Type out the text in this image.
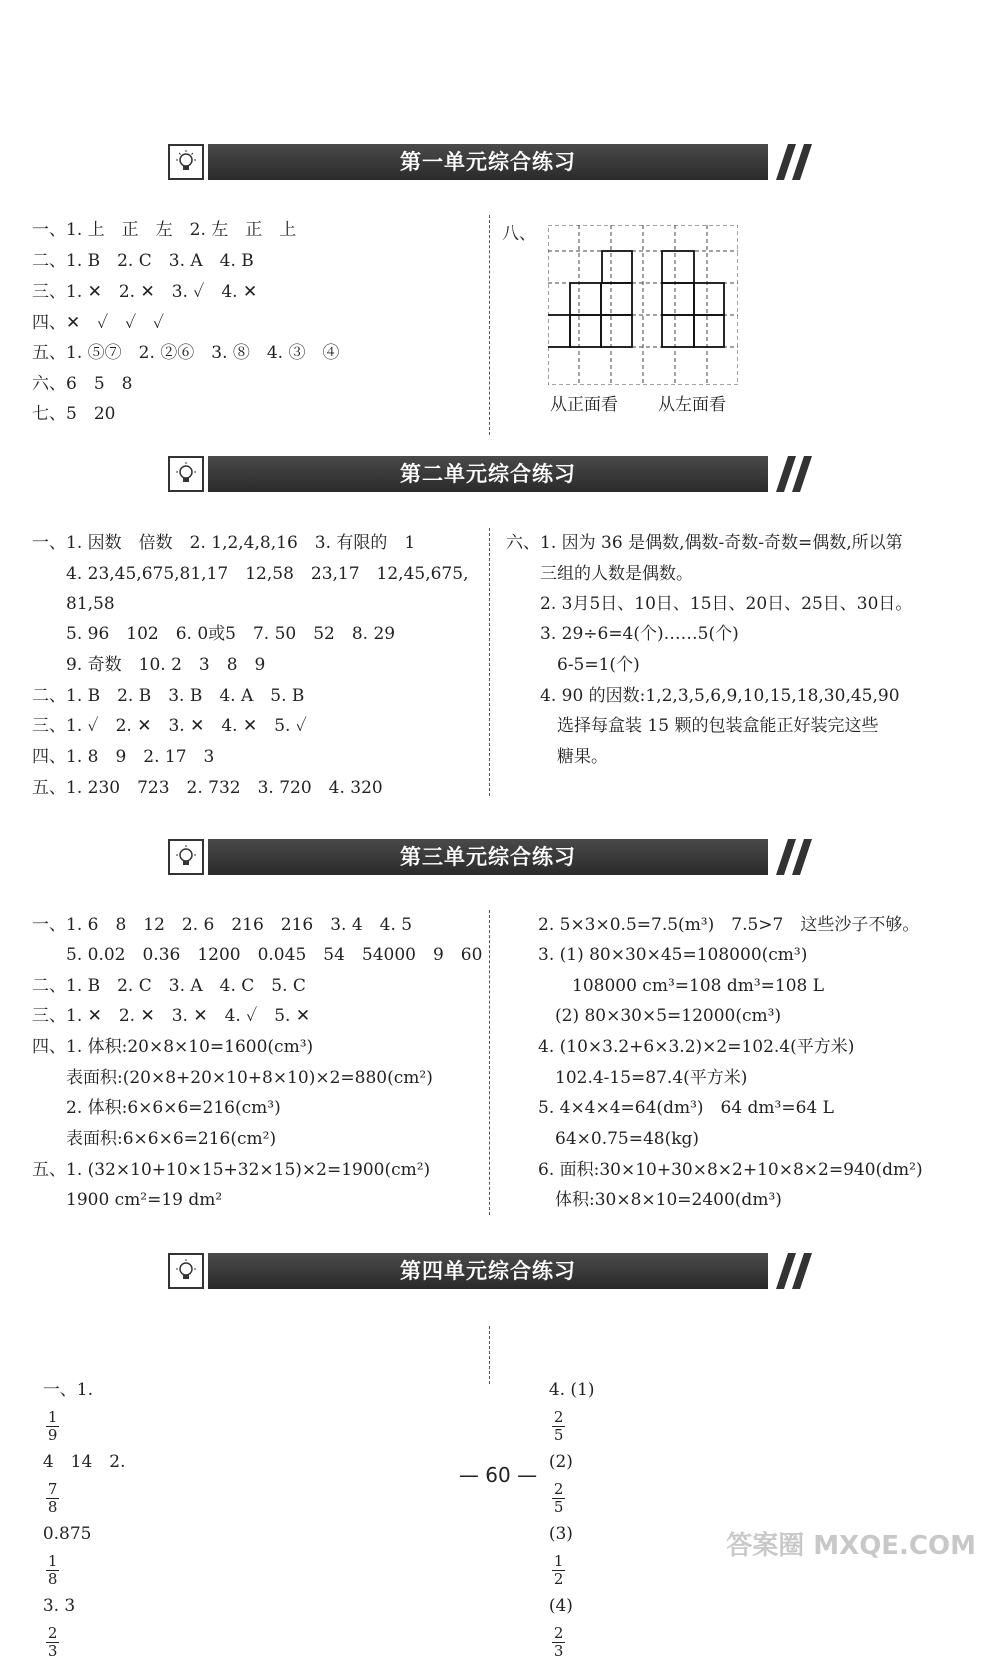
第一单元综合练习
第二单元综合练习
第三单元综合练习
第四单元综合练习
一、1. 上　正　左　2. 左　正　上
二、1. B　2. C　3. A　4. B
三、1. ✕　2. ✕　3. ✓　4. ✕
四、✕　✓　✓　✓
五、1. ⑤⑦　2. ②⑥　3. ⑧　4. ③　④
六、6　5　8
七、5　20
八、
从正面看 从左面看
一、1. 因数　倍数　2. 1,2,4,8,16　3. 有限的　1
　　4. 23,45,675,81,17　12,58　23,17　12,45,675,
　　81,58
　　5. 96　102　6. 0或5　7. 50　52　8. 29
　　9. 奇数　10. 2　3　8　9
二、1. B　2. B　3. B　4. A　5. B
三、1. ✓　2. ✕　3. ✕　4. ✕　5. ✓
四、1. 8　9　2. 17　3
五、1. 230　723　2. 732　3. 720　4. 320
六、1. 因为 36 是偶数,偶数-奇数-奇数=偶数,所以第
　　三组的人数是偶数。
　　2. 3月5日、10日、15日、20日、25日、30日。
　　3. 29÷6=4(个)……5(个)
　　　6-5=1(个)
　　4. 90 的因数:1,2,3,5,6,9,10,15,18,30,45,90
　　　选择每盒装 15 颗的包装盒能正好装完这些
　　　糖果。
一、1. 6　8　12　2. 6　216　216　3. 4　4. 5
　　5. 0.02　0.36　1200　0.045　54　54000　9　60
二、1. B　2. C　3. A　4. C　5. C
三、1. ✕　2. ✕　3. ✕　4. ✓　5. ✕
四、1. 体积:20×8×10=1600(cm³)
　　表面积:(20×8+20×10+8×10)×2=880(cm²)
　　2. 体积:6×6×6=216(cm³)
　　表面积:6×6×6=216(cm²)
五、1. (32×10+10×15+32×15)×2=1900(cm²)
　　1900 cm²=19 dm²
2. 5×3×0.5=7.5(m³)　7.5>7　这些沙子不够。
3. (1) 80×30×45=108000(cm³)
　　108000 cm³=108 dm³=108 L
　(2) 80×30×5=12000(cm³)
4. (10×3.2+6×3.2)×2=102.4(平方米)
　102.4-15=87.4(平方米)
5. 4×4×4=64(dm³)　64 dm³=64 L
　64×0.75=48(kg)
6. 面积:30×10+30×8×2+10×8×2=940(dm²)
　体积:30×8×10=2400(dm³)

一、1.

$\frac{1}{9}$

4　14　2.

$\frac{7}{8}$

0.875

$\frac{1}{8}$

3. 3

$\frac{2}{3}$

4. (1)

$\frac{2}{5}$

(2)

$\frac{2}{5}$

(3)

$\frac{1}{2}$

(4)

$\frac{2}{3}$

— 60 —
答案圈 MXQE.COM
